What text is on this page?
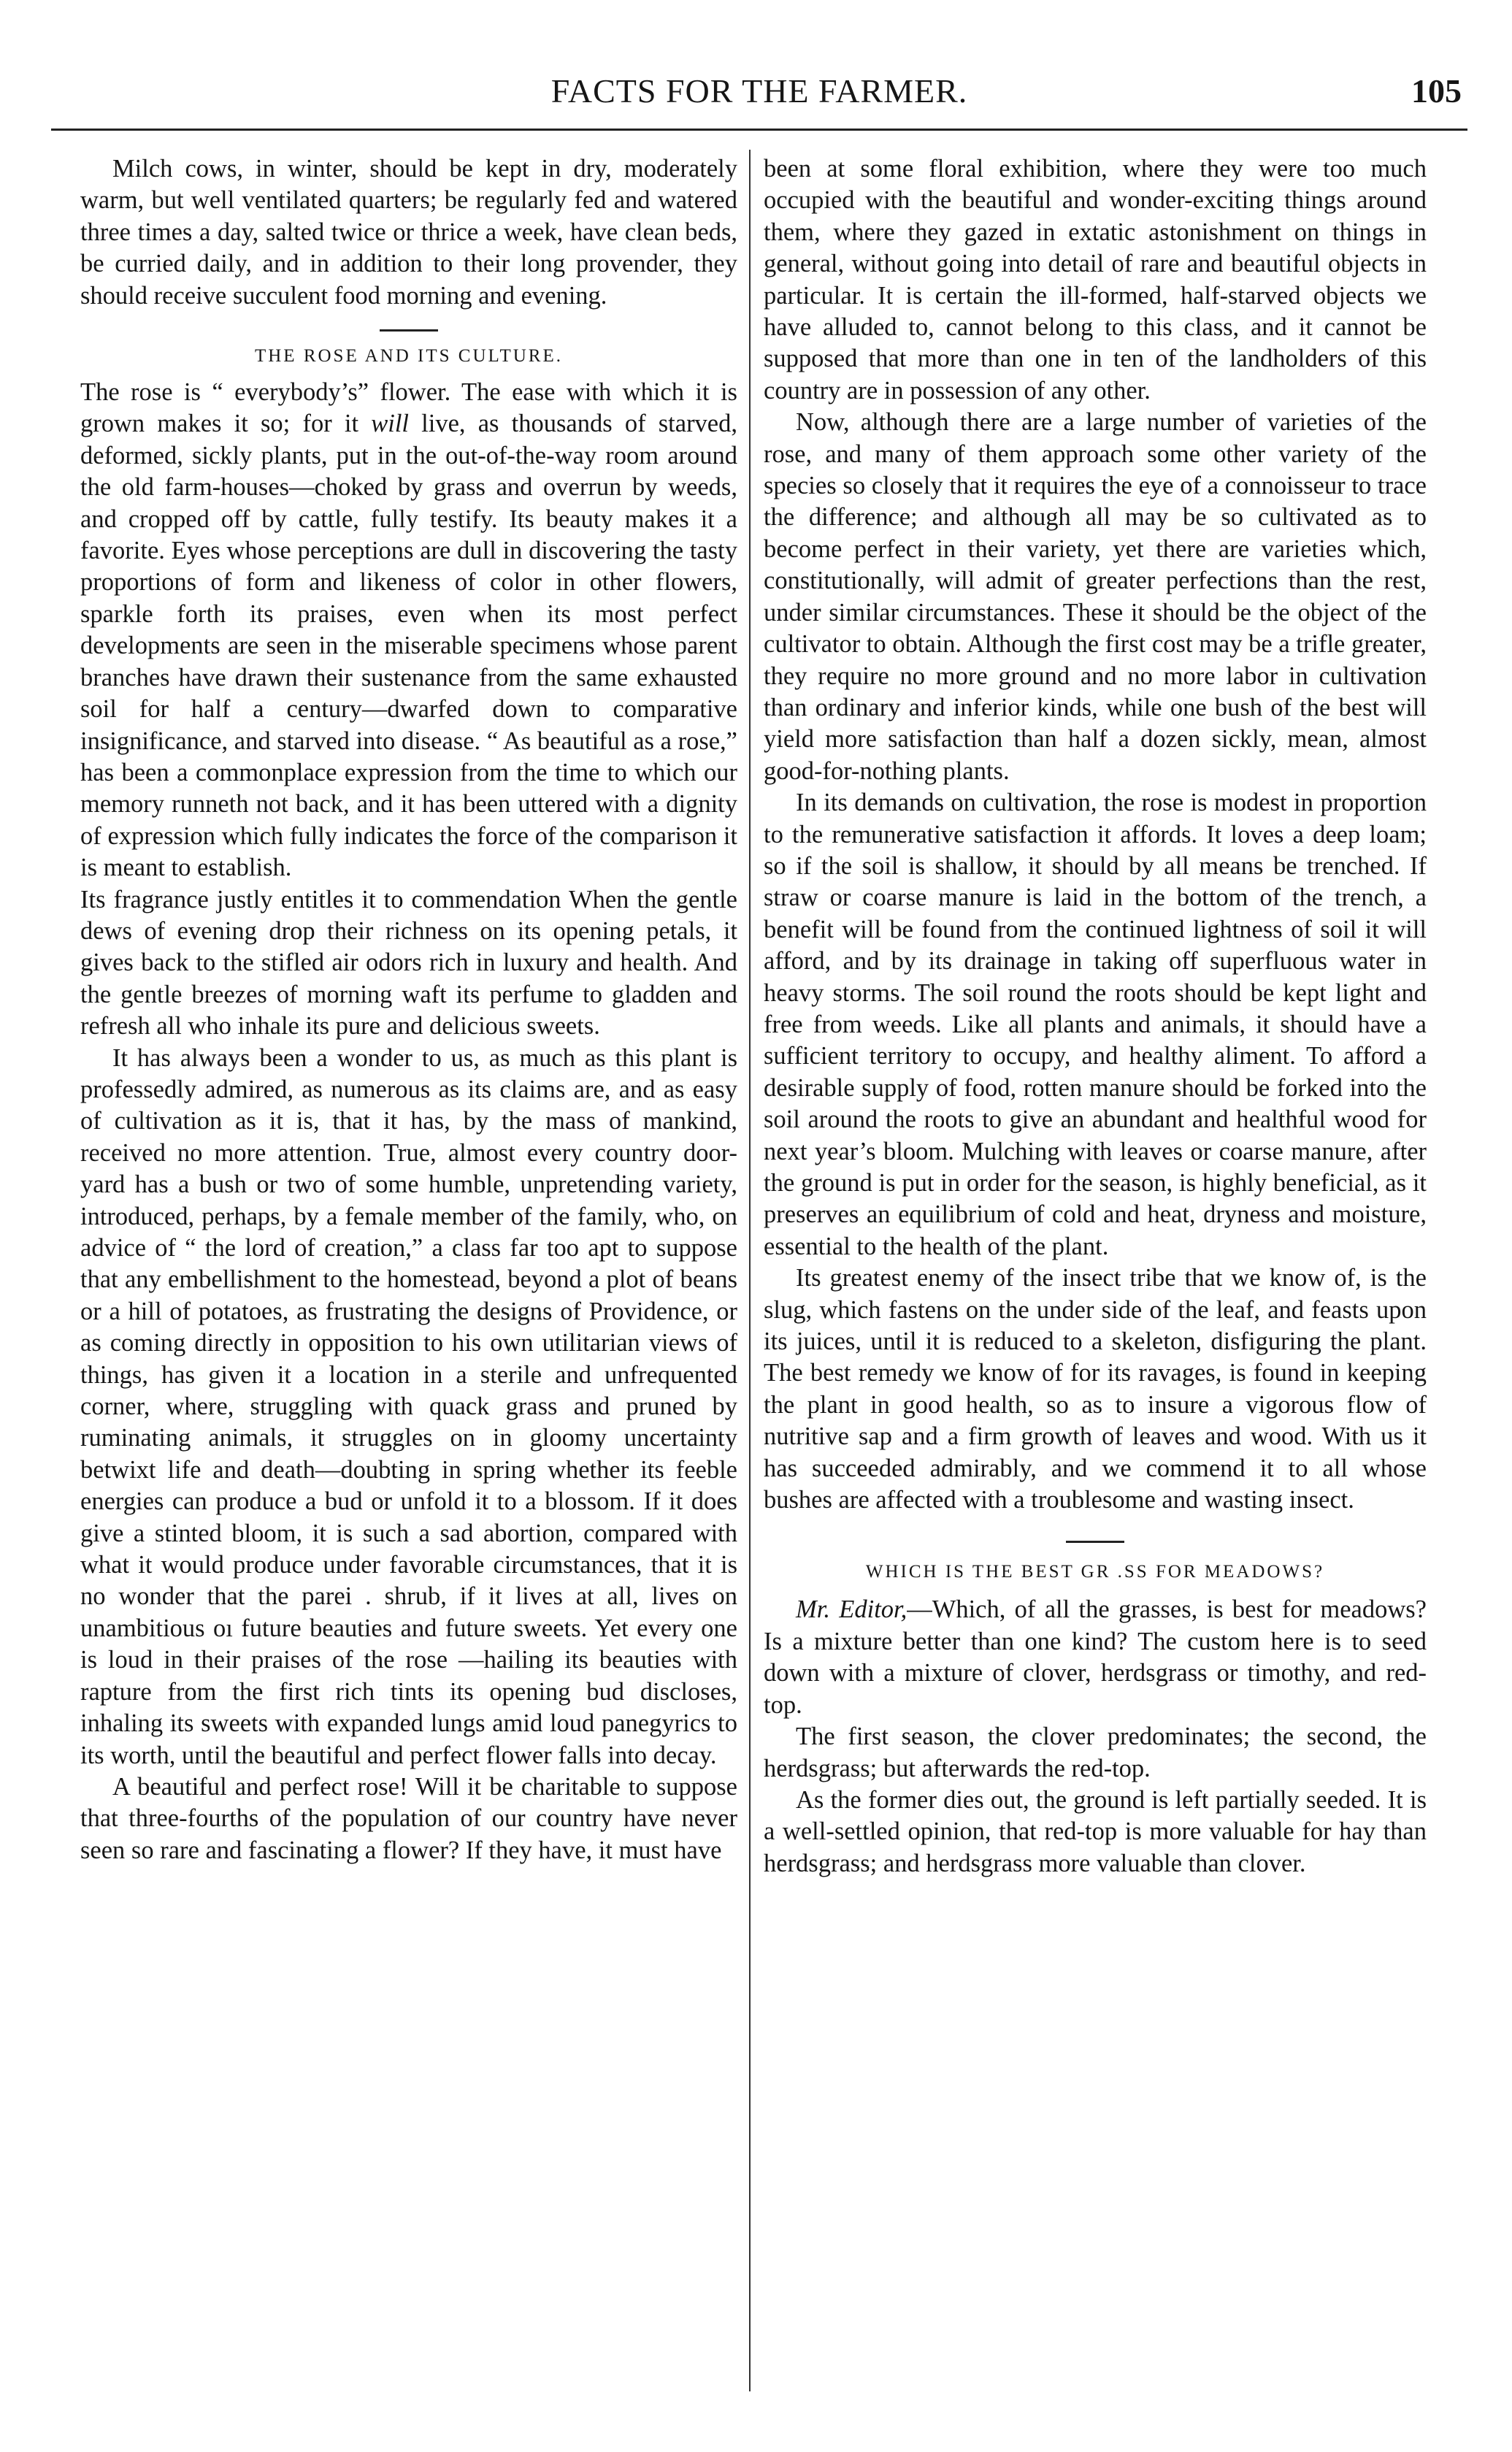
FACTS FOR THE FARMER.	105

Milch cows, in winter, should be kept in dry, moderately warm, but well ventilated quarters; be regularly fed and watered three times a day, salted twice or thrice a week, have clean beds, be curried daily, and in addition to their long provender, they should receive succulent food morning and evening.

THE ROSE AND ITS CULTURE.

The rose is “ everybody’s” flower. The ease with which it is grown makes it so; for it will live, as thousands of starved, deformed, sickly plants, put in the out-of-the-way room around the old farm-houses—choked by grass and overrun by weeds, and cropped off by cattle, fully testify. Its beauty makes it a favorite. Eyes whose perceptions are dull in discovering the tasty proportions of form and likeness of color in other flowers, sparkle forth its praises, even when its most perfect developments are seen in the miserable specimens whose parent branches have drawn their sustenance from the same exhausted soil for half a century—dwarfed down to comparative insignificance, and starved into disease. “ As beautiful as a rose,” has been a commonplace expression from the time to which our memory runneth not back, and it has been uttered with a dignity of expression which fully indicates the force of the comparison it is meant to establish.

Its fragrance justly entitles it to commendation When the gentle dews of evening drop their richness on its opening petals, it gives back to the stifled air odors rich in luxury and health. And the gentle breezes of morning waft its perfume to gladden and refresh all who inhale its pure and delicious sweets.

It has always been a wonder to us, as much as this plant is professedly admired, as numerous as its claims are, and as easy of cultivation as it is, that it has, by the mass of mankind, received no more attention. True, almost every country door-yard has a bush or two of some humble, unpretending variety, introduced, perhaps, by a female member of the family, who, on advice of “ the lord of creation,” a class far too apt to suppose that any embellishment to the homestead, beyond a plot of beans or a hill of potatoes, as frustrating the designs of Providence, or as coming directly in opposition to his own utilitarian views of things, has given it a location in a sterile and unfrequented corner, where, struggling with quack grass and pruned by ruminating animals, it struggles on in gloomy uncertainty betwixt life and death—doubting in spring whether its feeble energies can produce a bud or unfold it to a blossom. If it does give a stinted bloom, it is such a sad abortion, compared with what it would produce under favorable circumstances, that it is no wonder that the parei . shrub, if it lives at all, lives on unambitious oı future beauties and future sweets. Yet every one is loud in their praises of the rose —hailing its beauties with rapture from the first rich tints its opening bud discloses, inhaling its sweets with expanded lungs amid loud panegyrics to its worth, until the beautiful and perfect flower falls into decay.

A beautiful and perfect rose! Will it be charitable to suppose that three-fourths of the population of our country have never seen so rare and fascinating a flower? If they have, it must have

been at some floral exhibition, where they were too much occupied with the beautiful and wonder-exciting things around them, where they gazed in extatic astonishment on things in general, without going into detail of rare and beautiful objects in particular. It is certain the ill-formed, half-starved objects we have alluded to, cannot belong to this class, and it cannot be supposed that more than one in ten of the landholders of this country are in possession of any other.

Now, although there are a large number of varieties of the rose, and many of them approach some other variety of the species so closely that it requires the eye of a connoisseur to trace the difference; and although all may be so cultivated as to become perfect in their variety, yet there are varieties which, constitutionally, will admit of greater perfections than the rest, under similar circumstances. These it should be the object of the cultivator to obtain. Although the first cost may be a trifle greater, they require no more ground and no more labor in cultivation than ordinary and inferior kinds, while one bush of the best will yield more satisfaction than half a dozen sickly, mean, almost good-for-nothing plants.

In its demands on cultivation, the rose is modest in proportion to the remunerative satisfaction it affords. It loves a deep loam; so if the soil is shallow, it should by all means be trenched. If straw or coarse manure is laid in the bottom of the trench, a benefit will be found from the continued lightness of soil it will afford, and by its drainage in taking off superfluous water in heavy storms. The soil round the roots should be kept light and free from weeds. Like all plants and animals, it should have a sufficient territory to occupy, and healthy aliment. To afford a desirable supply of food, rotten manure should be forked into the soil around the roots to give an abundant and healthful wood for next year’s bloom. Mulching with leaves or coarse manure, after the ground is put in order for the season, is highly beneficial, as it preserves an equilibrium of cold and heat, dryness and moisture, essential to the health of the plant.

Its greatest enemy of the insect tribe that we know of, is the slug, which fastens on the under side of the leaf, and feasts upon its juices, until it is reduced to a skeleton, disfiguring the plant. The best remedy we know of for its ravages, is found in keeping the plant in good health, so as to insure a vigorous flow of nutritive sap and a firm growth of leaves and wood. With us it has succeeded admirably, and we commend it to all whose bushes are affected with a troublesome and wasting insect.

WHICH IS THE BEST GR .SS FOR MEADOWS?

Mr. Editor,—Which, of all the grasses, is best for meadows? Is a mixture better than one kind? The custom here is to seed down with a mixture of clover, herdsgrass or timothy, and red-top.

The first season, the clover predominates; the second, the herdsgrass; but afterwards the red-top.

As the former dies out, the ground is left partially seeded. It is a well-settled opinion, that red-top is more valuable for hay than herdsgrass; and herdsgrass more valuable than clover.
